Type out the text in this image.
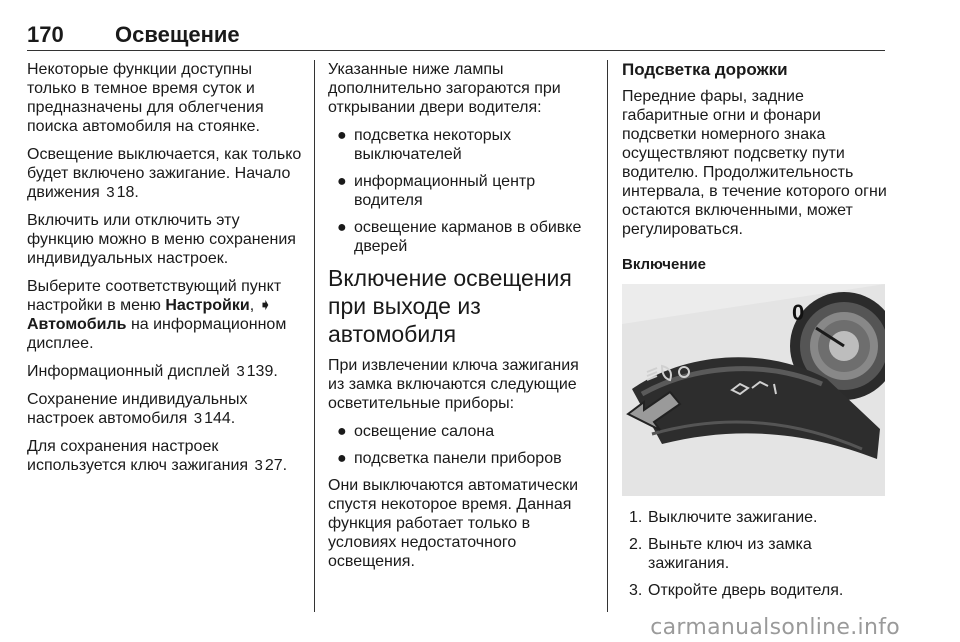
170 Освещение

Некоторые функции доступны только в темное время суток и предназначены для облегчения поиска автомобиля на стоянке.

Освещение выключается, как только будет включено зажигание. Начало движения 3 18.

Включить или отключить эту функцию можно в меню сохранения индивидуальных настроек.

Выберите соответствующий пункт настройки в меню Настройки, ➧ Автомобиль на информационном дисплее.

Информационный дисплей 3 139.

Сохранение индивидуальных настроек автомобиля 3 144.

Для сохранения настроек используется ключ зажигания 3 27.

Указанные ниже лампы дополнительно загораются при открывании двери водителя:

● подсветка некоторых выключателей
● информационный центр водителя
● освещение карманов в обивке дверей
Включение освещения при выходе из автомобиля

При извлечении ключа зажигания из замка включаются следующие осветительные приборы:

● освещение салона
● подсветка панели приборов

Они выключаются автоматически спустя некоторое время. Данная функция работает только в условиях недостаточного освещения.

Подсветка дорожки

Передние фары, задние габаритные огни и фонари подсветки номерного знака осуществляют подсветку пути водителю. Продолжительность интервала, в течение которого огни остаются включенными, может регулироваться.

Включение
0
1. Выключите зажигание.
2. Выньте ключ из замка зажигания.
3. Откройте дверь водителя.
carmanualsonline.info
